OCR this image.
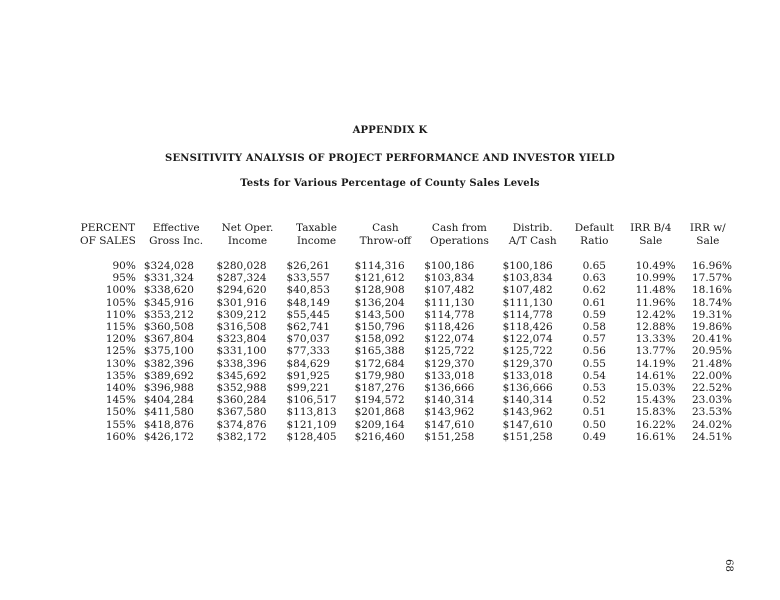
APPENDIX K
SENSITIVITY ANALYSIS OF PROJECT PERFORMANCE AND INVESTOR YIELD
Tests for Various Percentage of County Sales Levels
PERCENT	Effective	Net Oper.	Taxable	Cash	Cash from	Distrib.	Default	IRR B/4	IRR w/
OF SALES	Gross Inc.	Income	Income	Throw-off	Operations	A/T Cash	Ratio	Sale	Sale

90%	$324,028	$280,028	$26,261	$114,316	$100,186	$100,186	0.65	10.49%	16.96%
95%	$331,324	$287,324	$33,557	$121,612	$103,834	$103,834	0.63	10.99%	17.57%
100%	$338,620	$294,620	$40,853	$128,908	$107,482	$107,482	0.62	11.48%	18.16%
105%	$345,916	$301,916	$48,149	$136,204	$111,130	$111,130	0.61	11.96%	18.74%
110%	$353,212	$309,212	$55,445	$143,500	$114,778	$114,778	0.59	12.42%	19.31%
115%	$360,508	$316,508	$62,741	$150,796	$118,426	$118,426	0.58	12.88%	19.86%
120%	$367,804	$323,804	$70,037	$158,092	$122,074	$122,074	0.57	13.33%	20.41%
125%	$375,100	$331,100	$77,333	$165,388	$125,722	$125,722	0.56	13.77%	20.95%
130%	$382,396	$338,396	$84,629	$172,684	$129,370	$129,370	0.55	14.19%	21.48%
135%	$389,692	$345,692	$91,925	$179,980	$133,018	$133,018	0.54	14.61%	22.00%
140%	$396,988	$352,988	$99,221	$187,276	$136,666	$136,666	0.53	15.03%	22.52%
145%	$404,284	$360,284	$106,517	$194,572	$140,314	$140,314	0.52	15.43%	23.03%
150%	$411,580	$367,580	$113,813	$201,868	$143,962	$143,962	0.51	15.83%	23.53%
155%	$418,876	$374,876	$121,109	$209,164	$147,610	$147,610	0.50	16.22%	24.02%
160%	$426,172	$382,172	$128,405	$216,460	$151,258	$151,258	0.49	16.61%	24.51%
68
